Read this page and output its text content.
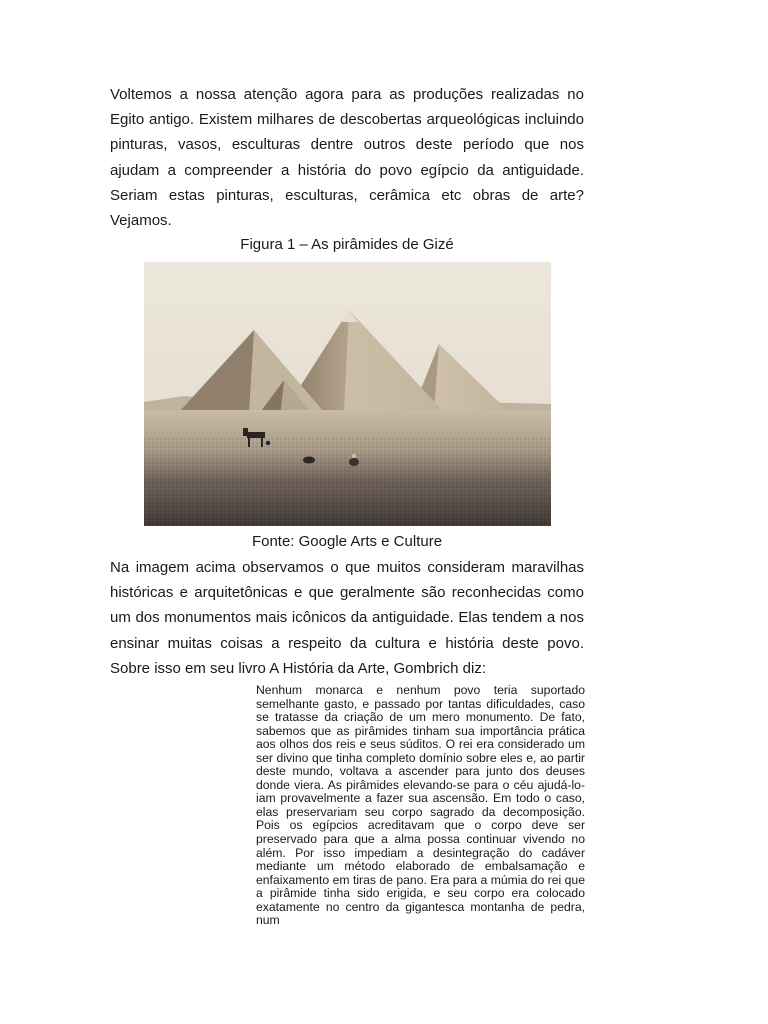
Voltemos a nossa atenção agora para as produções realizadas no Egito antigo. Existem milhares de descobertas arqueológicas incluindo pinturas, vasos, esculturas dentre outros deste período que nos ajudam a compreender a história do povo egípcio da antiguidade. Seriam estas pinturas, esculturas, cerâmica etc obras de arte? Vejamos.

Figura 1 – As pirâmides de Gizé

Fonte: Google Arts e Culture

Na imagem acima observamos o que muitos consideram maravilhas históricas e arquitetônicas e que geralmente são reconhecidas como um dos monumentos mais icônicos da antiguidade. Elas tendem a nos ensinar muitas coisas a respeito da cultura e história deste povo. Sobre isso em seu livro A História da Arte, Gombrich diz:

Nenhum monarca e nenhum povo teria suportado semelhante gasto, e passado por tantas dificuldades, caso se tratasse da criação de um mero monumento. De fato, sabemos que as pirâmides tinham sua importância prática aos olhos dos reis e seus súditos. O rei era considerado um ser divino que tinha completo domínio sobre eles e, ao partir deste mundo, voltava a ascender para junto dos deuses donde viera. As pirâmides elevando-se para o céu ajudá-lo-iam provavelmente a fazer sua ascensão. Em todo o caso, elas preservariam seu corpo sagrado da decomposição. Pois os egípcios acreditavam que o corpo deve ser preservado para que a alma possa continuar vivendo no além. Por isso impediam a desintegração do cadáver mediante um método elaborado de embalsamação e enfaixamento em tiras de pano. Era para a múmia do rei que a pirâmide tinha sido erigida, e seu corpo era colocado exatamente no centro da gigantesca montanha de pedra, num
